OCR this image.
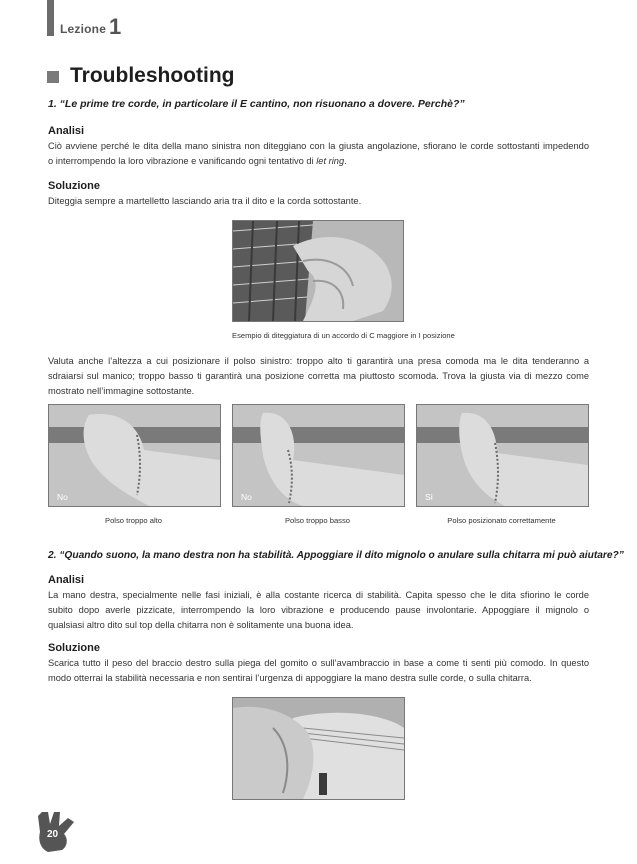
Lezione 1
Troubleshooting
1. “Le prime tre corde, in particolare il E cantino, non risuonano a dovere. Perchè?”
Analisi
Ciò avviene perché le dita della mano sinistra non diteggiano con la giusta angolazione, sfiorano le corde sottostanti impedendo
o interrompendo la loro vibrazione e vanificando ogni tentativo di let ring.
Soluzione
Diteggia sempre a martelletto lasciando aria tra il dito e la corda sottostante.
Esempio di diteggiatura di un accordo di C maggiore in I posizione
Valuta anche l’altezza a cui posizionare il polso sinistro: troppo alto ti garantirà una presa comoda ma le dita tenderanno a
sdraiarsi sul manico; troppo basso ti garantirà una posizione corretta ma piuttosto scomoda. Trova la giusta via di mezzo come
mostrato nell’immagine sottostante.
No
Polso troppo alto
No
Polso troppo basso
Sì
Polso posizionato correttamente
2. “Quando suono, la mano destra non ha stabilità. Appoggiare il dito mignolo o anulare sulla chitarra mi può aiutare?”
Analisi
La mano destra, specialmente nelle fasi iniziali, è alla costante ricerca di stabilità. Capita spesso che le dita sfiorino le corde
subito dopo averle pizzicate, interrompendo la loro vibrazione e producendo pause involontarie. Appoggiare il mignolo o
qualsiasi altro dito sul top della chitarra non è solitamente una buona idea.
Soluzione
Scarica tutto il peso del braccio destro sulla piega del gomito o sull’avambraccio in base a come ti senti più comodo. In questo
modo otterrai la stabilità necessaria e non sentirai l’urgenza di appoggiare la mano destra sulle corde, o sulla chitarra.
20
